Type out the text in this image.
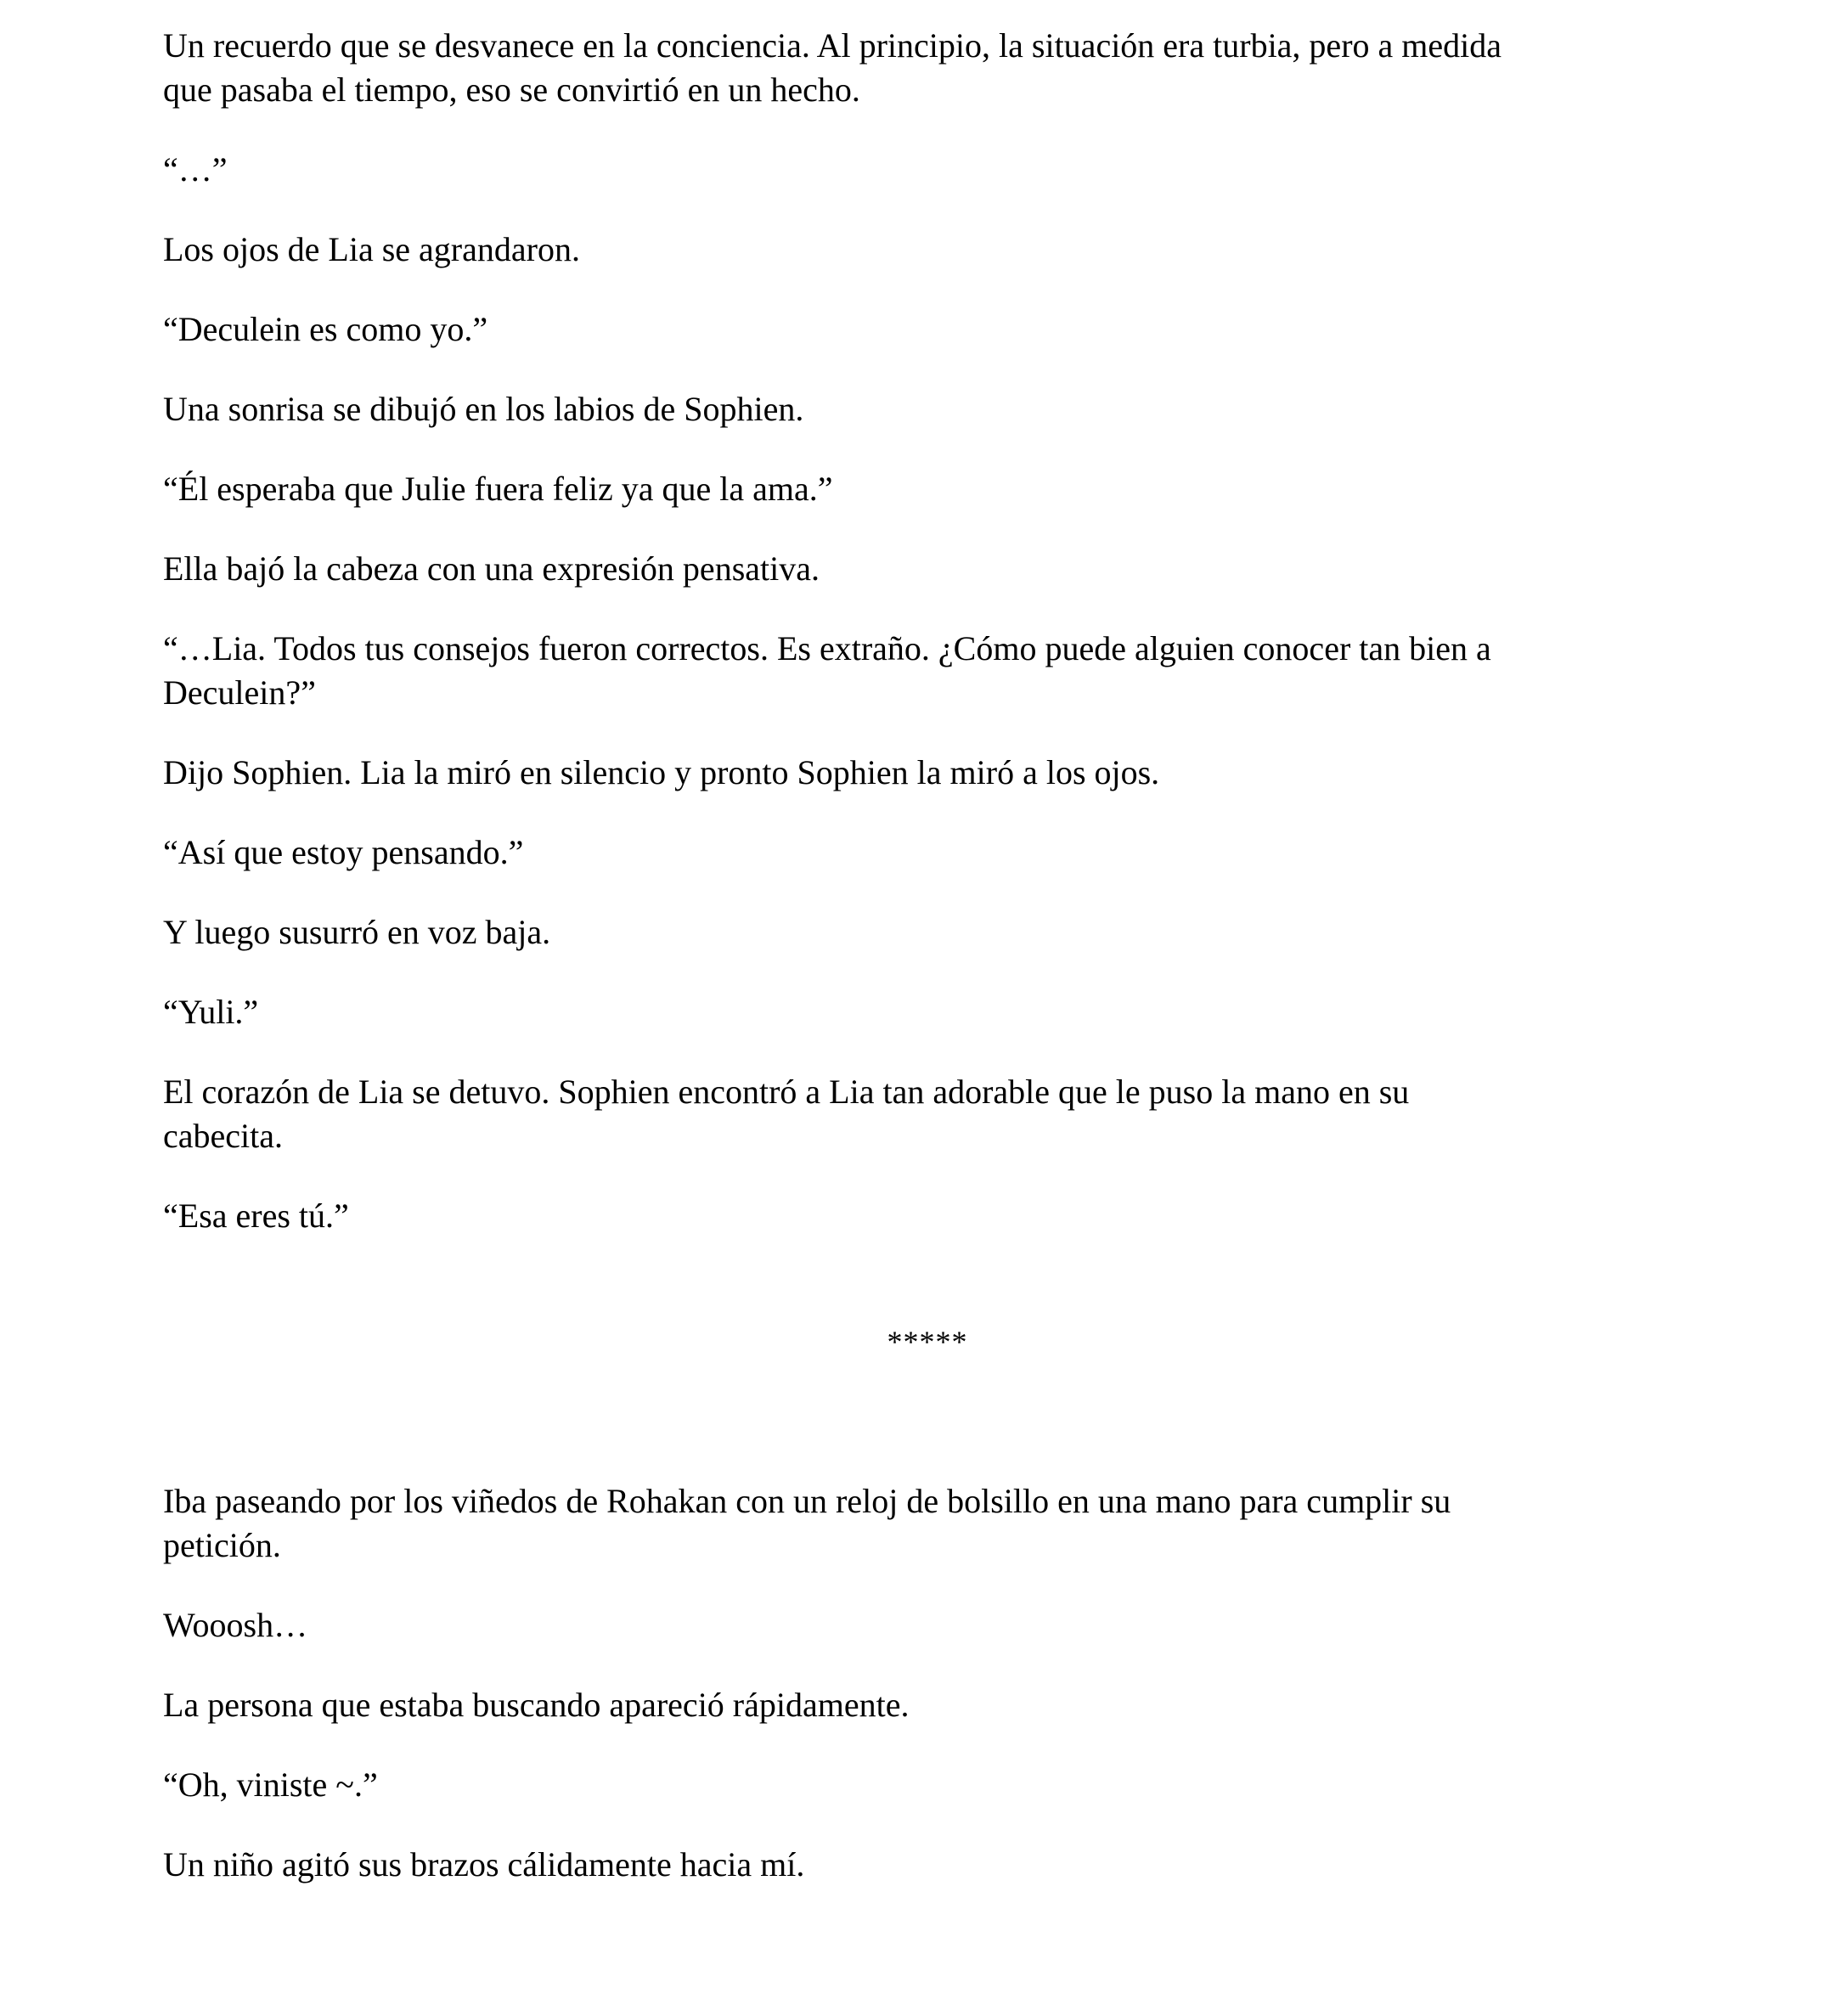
Un recuerdo que se desvanece en la conciencia. Al principio, la situación era turbia, pero a medida
que pasaba el tiempo, eso se convirtió en un hecho.

“…”

Los ojos de Lia se agrandaron.

“Deculein es como yo.”

Una sonrisa se dibujó en los labios de Sophien.

“Él esperaba que Julie fuera feliz ya que la ama.”

Ella bajó la cabeza con una expresión pensativa.

“…Lia. Todos tus consejos fueron correctos. Es extraño. ¿Cómo puede alguien conocer tan bien a
Deculein?”

Dijo Sophien. Lia la miró en silencio y pronto Sophien la miró a los ojos.

“Así que estoy pensando.”

Y luego susurró en voz baja.

“Yuli.”

El corazón de Lia se detuvo. Sophien encontró a Lia tan adorable que le puso la mano en su
cabecita.

“Esa eres tú.”

*****

Iba paseando por los viñedos de Rohakan con un reloj de bolsillo en una mano para cumplir su
petición.

Wooosh…

La persona que estaba buscando apareció rápidamente.

“Oh, viniste ~.”

Un niño agitó sus brazos cálidamente hacia mí.
